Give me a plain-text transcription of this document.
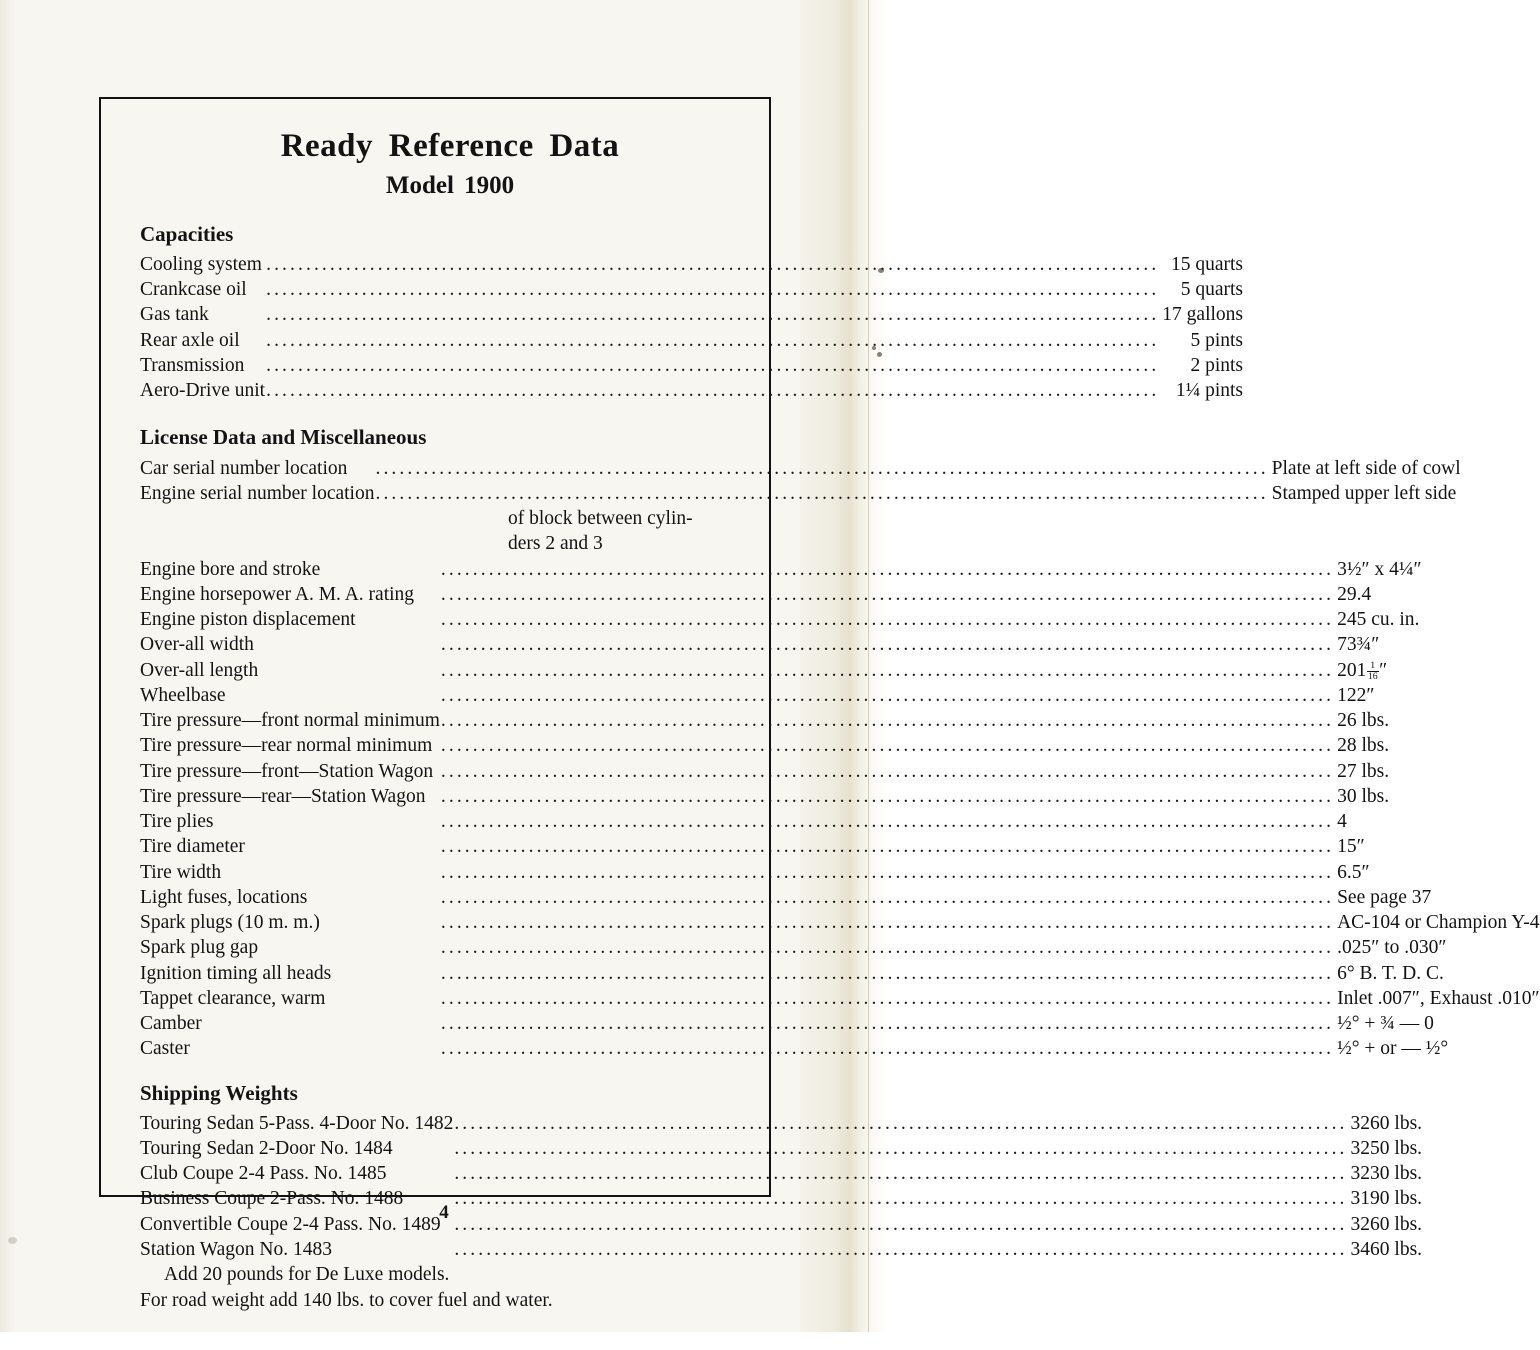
Ready Reference Data
Model 1900
Capacities
Cooling system	
.....	15 quarts
Crankcase oil	
.....	5 quarts
Gas tank	
.....	17 gallons
Rear axle oil	
.....	5 pints
Transmission	
.....	2 pints
Aero-Drive unit	
.....	1¼ pints
License Data and Miscellaneous
Car serial number location	
.....	Plate at left side of cowl
Engine serial number location	
.....	Stamped upper left side
of block between cylin-
ders 2 and 3
Engine bore and stroke	
.....	3½″ x 4¼″
Engine horsepower A. M. A. rating	
.....	29.4
Engine piston displacement	
.....	245 cu. in.
Over-all width	
.....	73¾″
Over-all length	
.....	$201 \frac{1}{16}$ ″
Wheelbase	
.....	122″
Tire pressure—front normal minimum	
.....	26 lbs.
Tire pressure—rear normal minimum	
.....	28 lbs.
Tire pressure—front—Station Wagon	
.....	27 lbs.
Tire pressure—rear—Station Wagon	
.....	30 lbs.
Tire plies	
.....	4
Tire diameter	
.....	15″
Tire width	
.....	6.5″
Light fuses, locations	
.....	See page 37
Spark plugs (10 m. m.)	
.....	AC-104 or Champion Y-4
Spark plug gap	
.....	.025″ to .030″
Ignition timing all heads	
.....	6° B. T. D. C.
Tappet clearance, warm	
.....	Inlet .007″, Exhaust .010″
Camber	
.....	½° + ¾ — 0
Caster	
.....	½° + or — ½°
Shipping Weights
Touring Sedan 5-Pass. 4-Door No. 1482	
.....	3260 lbs.
Touring Sedan 2-Door No. 1484	
.....	3250 lbs.
Club Coupe 2-4 Pass. No. 1485	
.....	3230 lbs.
Business Coupe 2-Pass. No. 1488	
.....	3190 lbs.
Convertible Coupe 2-4 Pass. No. 1489	
.....	3260 lbs.
Station Wagon No. 1483	
.....	3460 lbs.
Add 20 pounds for De Luxe models.
For road weight add 140 lbs. to cover fuel and water.
4
